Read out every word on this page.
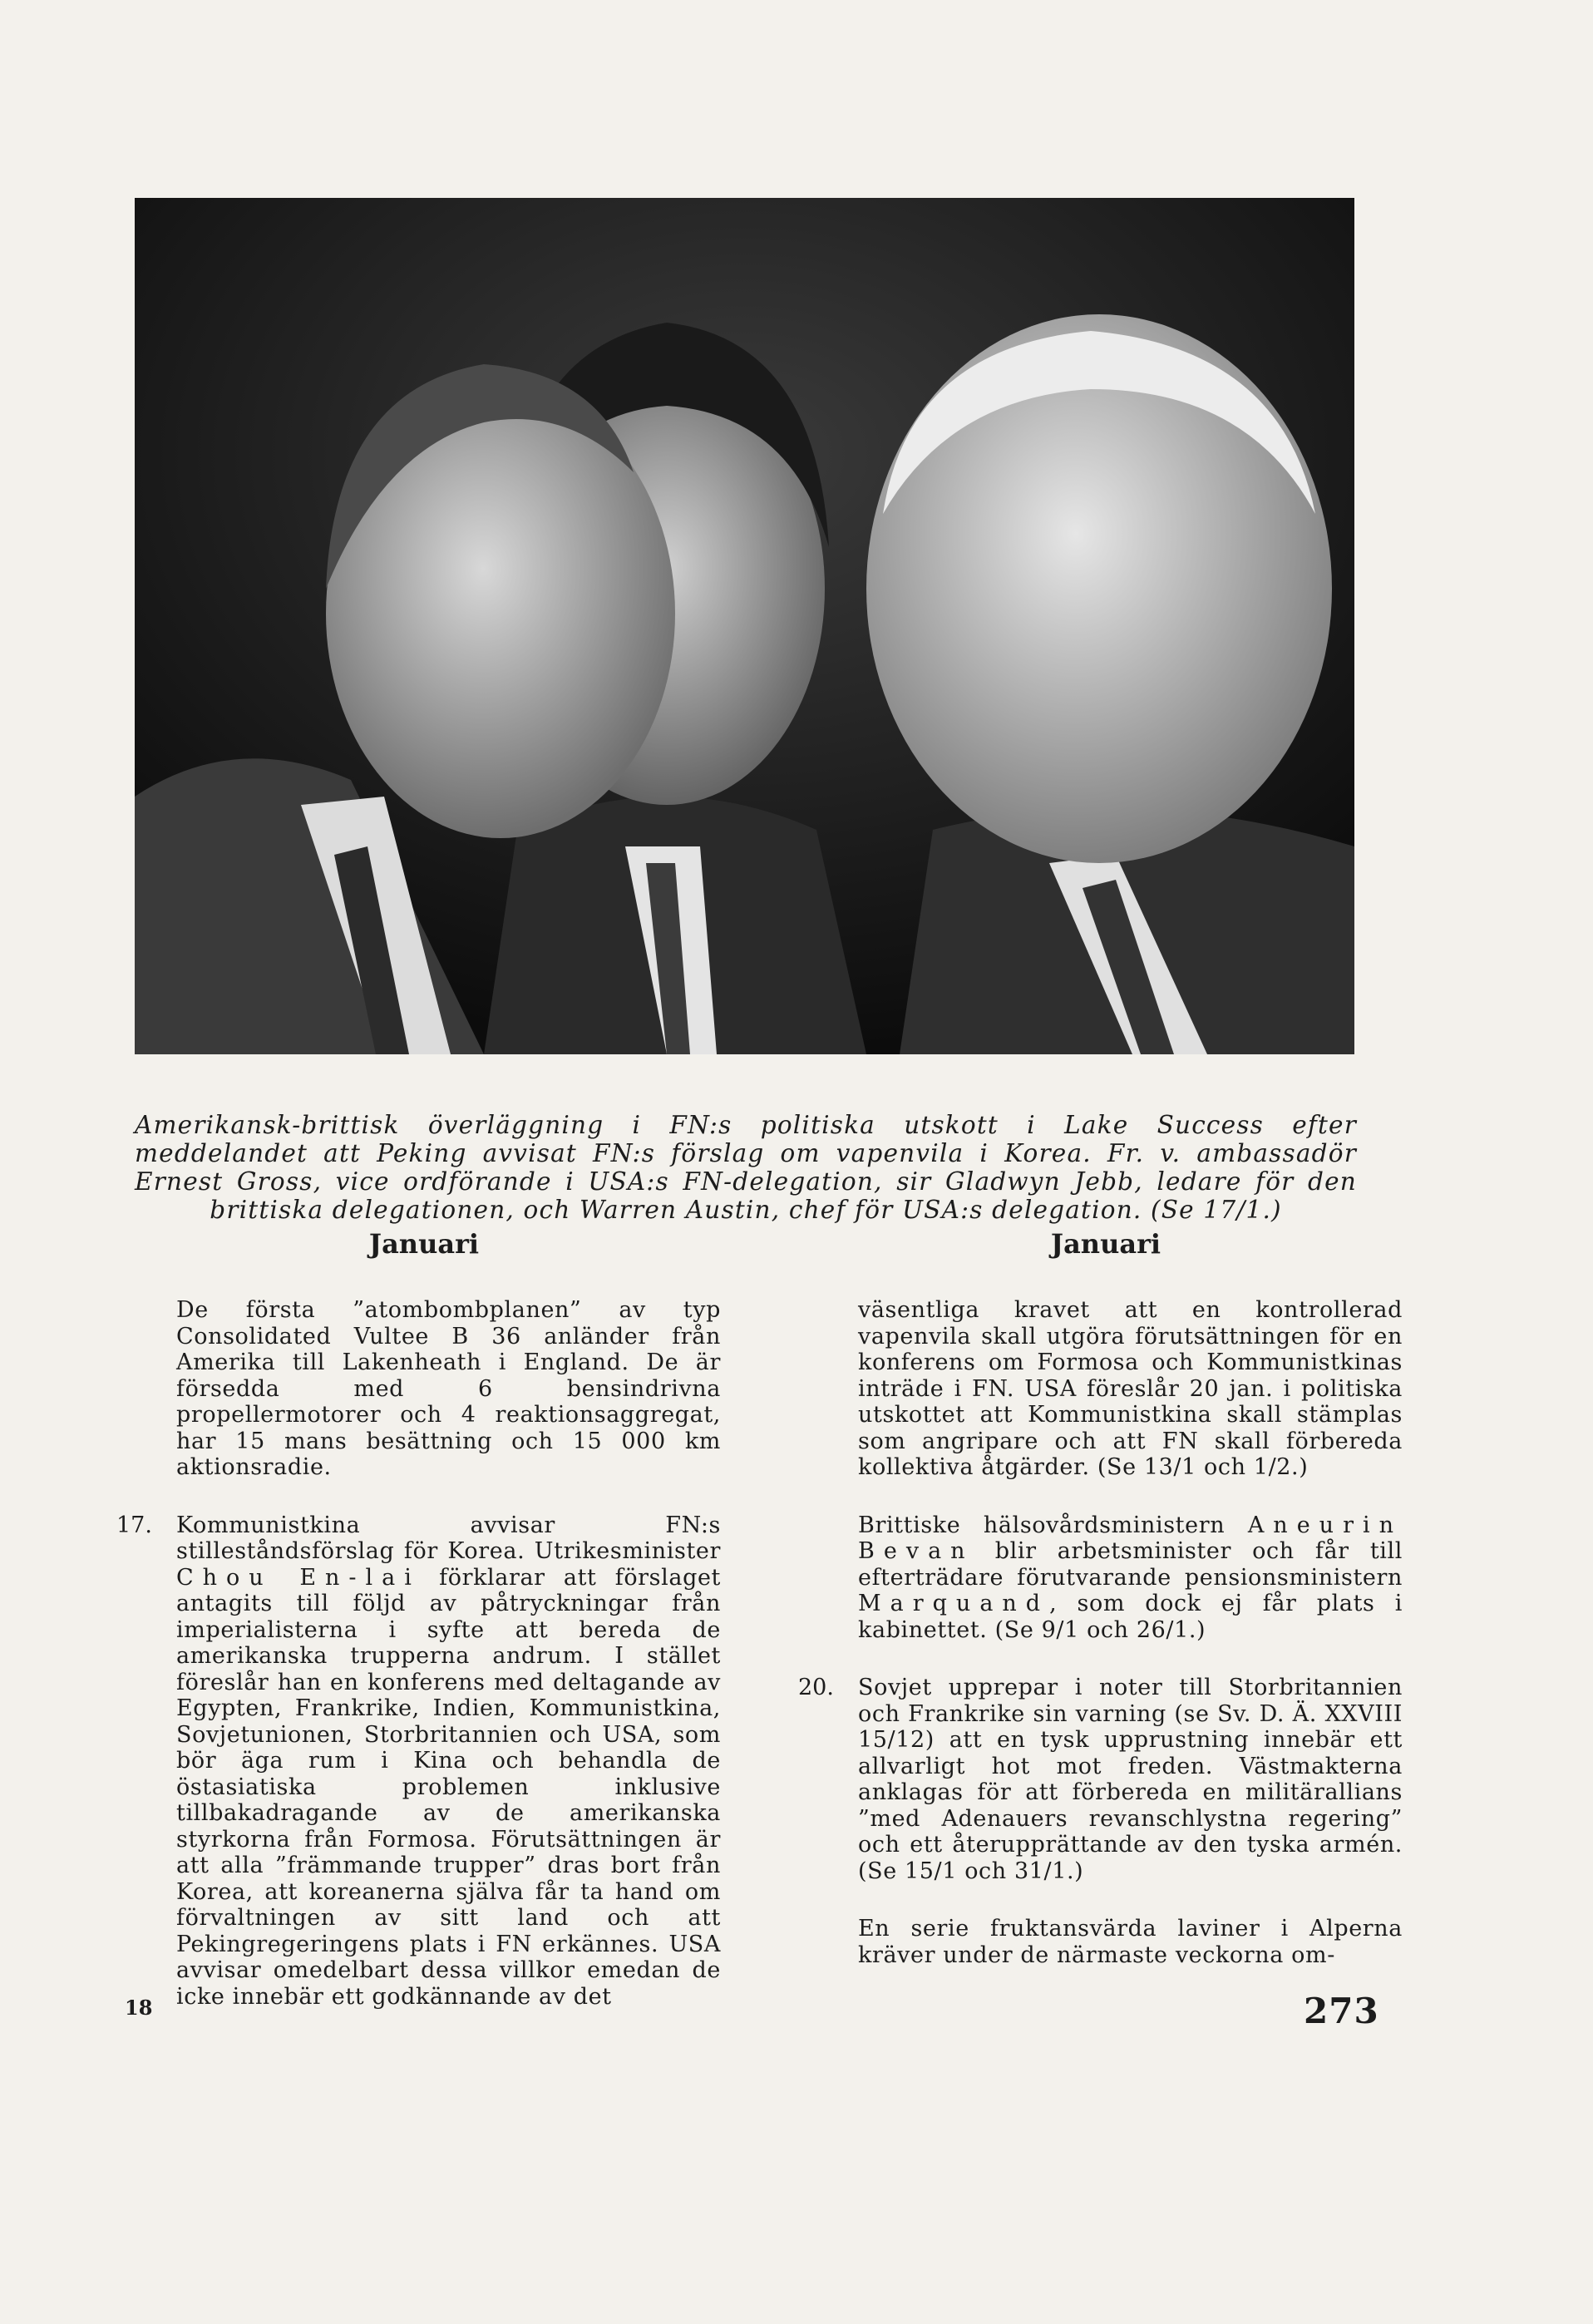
Amerikansk-brittisk överläggning i FN:s politiska utskott i Lake Success efter meddelandet att Peking avvisat FN:s förslag om vapenvila i Korea. Fr. v. ambassadör Ernest Gross, vice ordförande i USA:s FN-delegation, sir Gladwyn Jebb, ledare för den brittiska delegationen, och Warren Austin, chef för USA:s delegation. (Se 17/1.)

Januari

De första ”atombombplanen” av typ Consolidated Vultee B 36 anländer från Amerika till Lakenheath i England. De är försedda med 6 bensindrivna propellermotorer och 4 reaktionsaggregat, har 15 mans besättning och 15 000 km aktionsradie.

17.	Kommunistkina avvisar FN:s stilleståndsförslag för Korea. Utrikesminister Chou En-lai förklarar att förslaget antagits till följd av påtryckningar från imperialisterna i syfte att bereda de amerikanska trupperna andrum. I stället föreslår han en konferens med deltagande av Egypten, Frankrike, Indien, Kommunistkina, Sovjetunionen, Storbritannien och USA, som bör äga rum i Kina och behandla de östasiatiska problemen inklusive tillbakadragande av de amerikanska styrkorna från Formosa. Förutsättningen är att alla ”främmande trupper” dras bort från Korea, att koreanerna själva får ta hand om förvaltningen av sitt land och att Pekingregeringens plats i FN erkännes. USA avvisar omedelbart dessa villkor emedan de icke innebär ett godkännande av det

Januari

väsentliga kravet att en kontrollerad vapenvila skall utgöra förutsättningen för en konferens om Formosa och Kommunistkinas inträde i FN. USA föreslår 20 jan. i politiska utskottet att Kommunistkina skall stämplas som angripare och att FN skall förbereda kollektiva åtgärder. (Se 13/1 och 1/2.)

Brittiske hälsovårdsministern Aneurin Bevan blir arbetsminister och får till efterträdare förutvarande pensionsministern Marquand, som dock ej får plats i kabinettet. (Se 9/1 och 26/1.)

20.	Sovjet upprepar i noter till Storbritannien och Frankrike sin varning (se Sv. D. Ä. XXVIII 15/12) att en tysk upprustning innebär ett allvarligt hot mot freden. Västmakterna anklagas för att förbereda en militärallians ”med Adenauers revanschlystna regering” och ett återupprättande av den tyska armén. (Se 15/1 och 31/1.)

En serie fruktansvärda laviner i Alperna kräver under de närmaste veckorna om-

18	273
